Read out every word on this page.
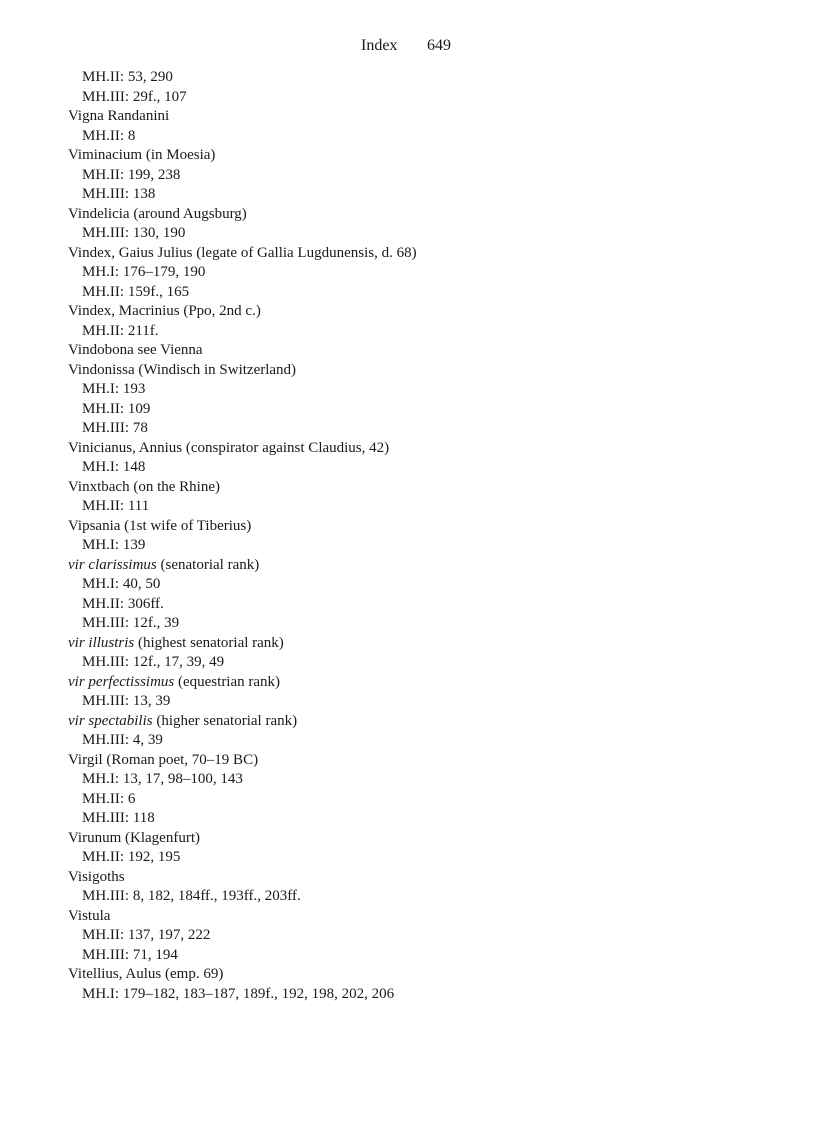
Index 649
MH.II: 53, 290
MH.III: 29f., 107
Vigna Randanini
MH.II: 8
Viminacium (in Moesia)
MH.II: 199, 238
MH.III: 138
Vindelicia (around Augsburg)
MH.III: 130, 190
Vindex, Gaius Julius (legate of Gallia Lugdunensis, d. 68)
MH.I: 176–179, 190
MH.II: 159f., 165
Vindex, Macrinius (Ppo, 2nd c.)
MH.II: 211f.
Vindobona see Vienna
Vindonissa (Windisch in Switzerland)
MH.I: 193
MH.II: 109
MH.III: 78
Vinicianus, Annius (conspirator against Claudius, 42)
MH.I: 148
Vinxtbach (on the Rhine)
MH.II: 111
Vipsania (1st wife of Tiberius)
MH.I: 139
vir clarissimus (senatorial rank)
MH.I: 40, 50
MH.II: 306ff.
MH.III: 12f., 39
vir illustris (highest senatorial rank)
MH.III: 12f., 17, 39, 49
vir perfectissimus (equestrian rank)
MH.III: 13, 39
vir spectabilis (higher senatorial rank)
MH.III: 4, 39
Virgil (Roman poet, 70–19 BC)
MH.I: 13, 17, 98–100, 143
MH.II: 6
MH.III: 118
Virunum (Klagenfurt)
MH.II: 192, 195
Visigoths
MH.III: 8, 182, 184ff., 193ff., 203ff.
Vistula
MH.II: 137, 197, 222
MH.III: 71, 194
Vitellius, Aulus (emp. 69)
MH.I: 179–182, 183–187, 189f., 192, 198, 202, 206
